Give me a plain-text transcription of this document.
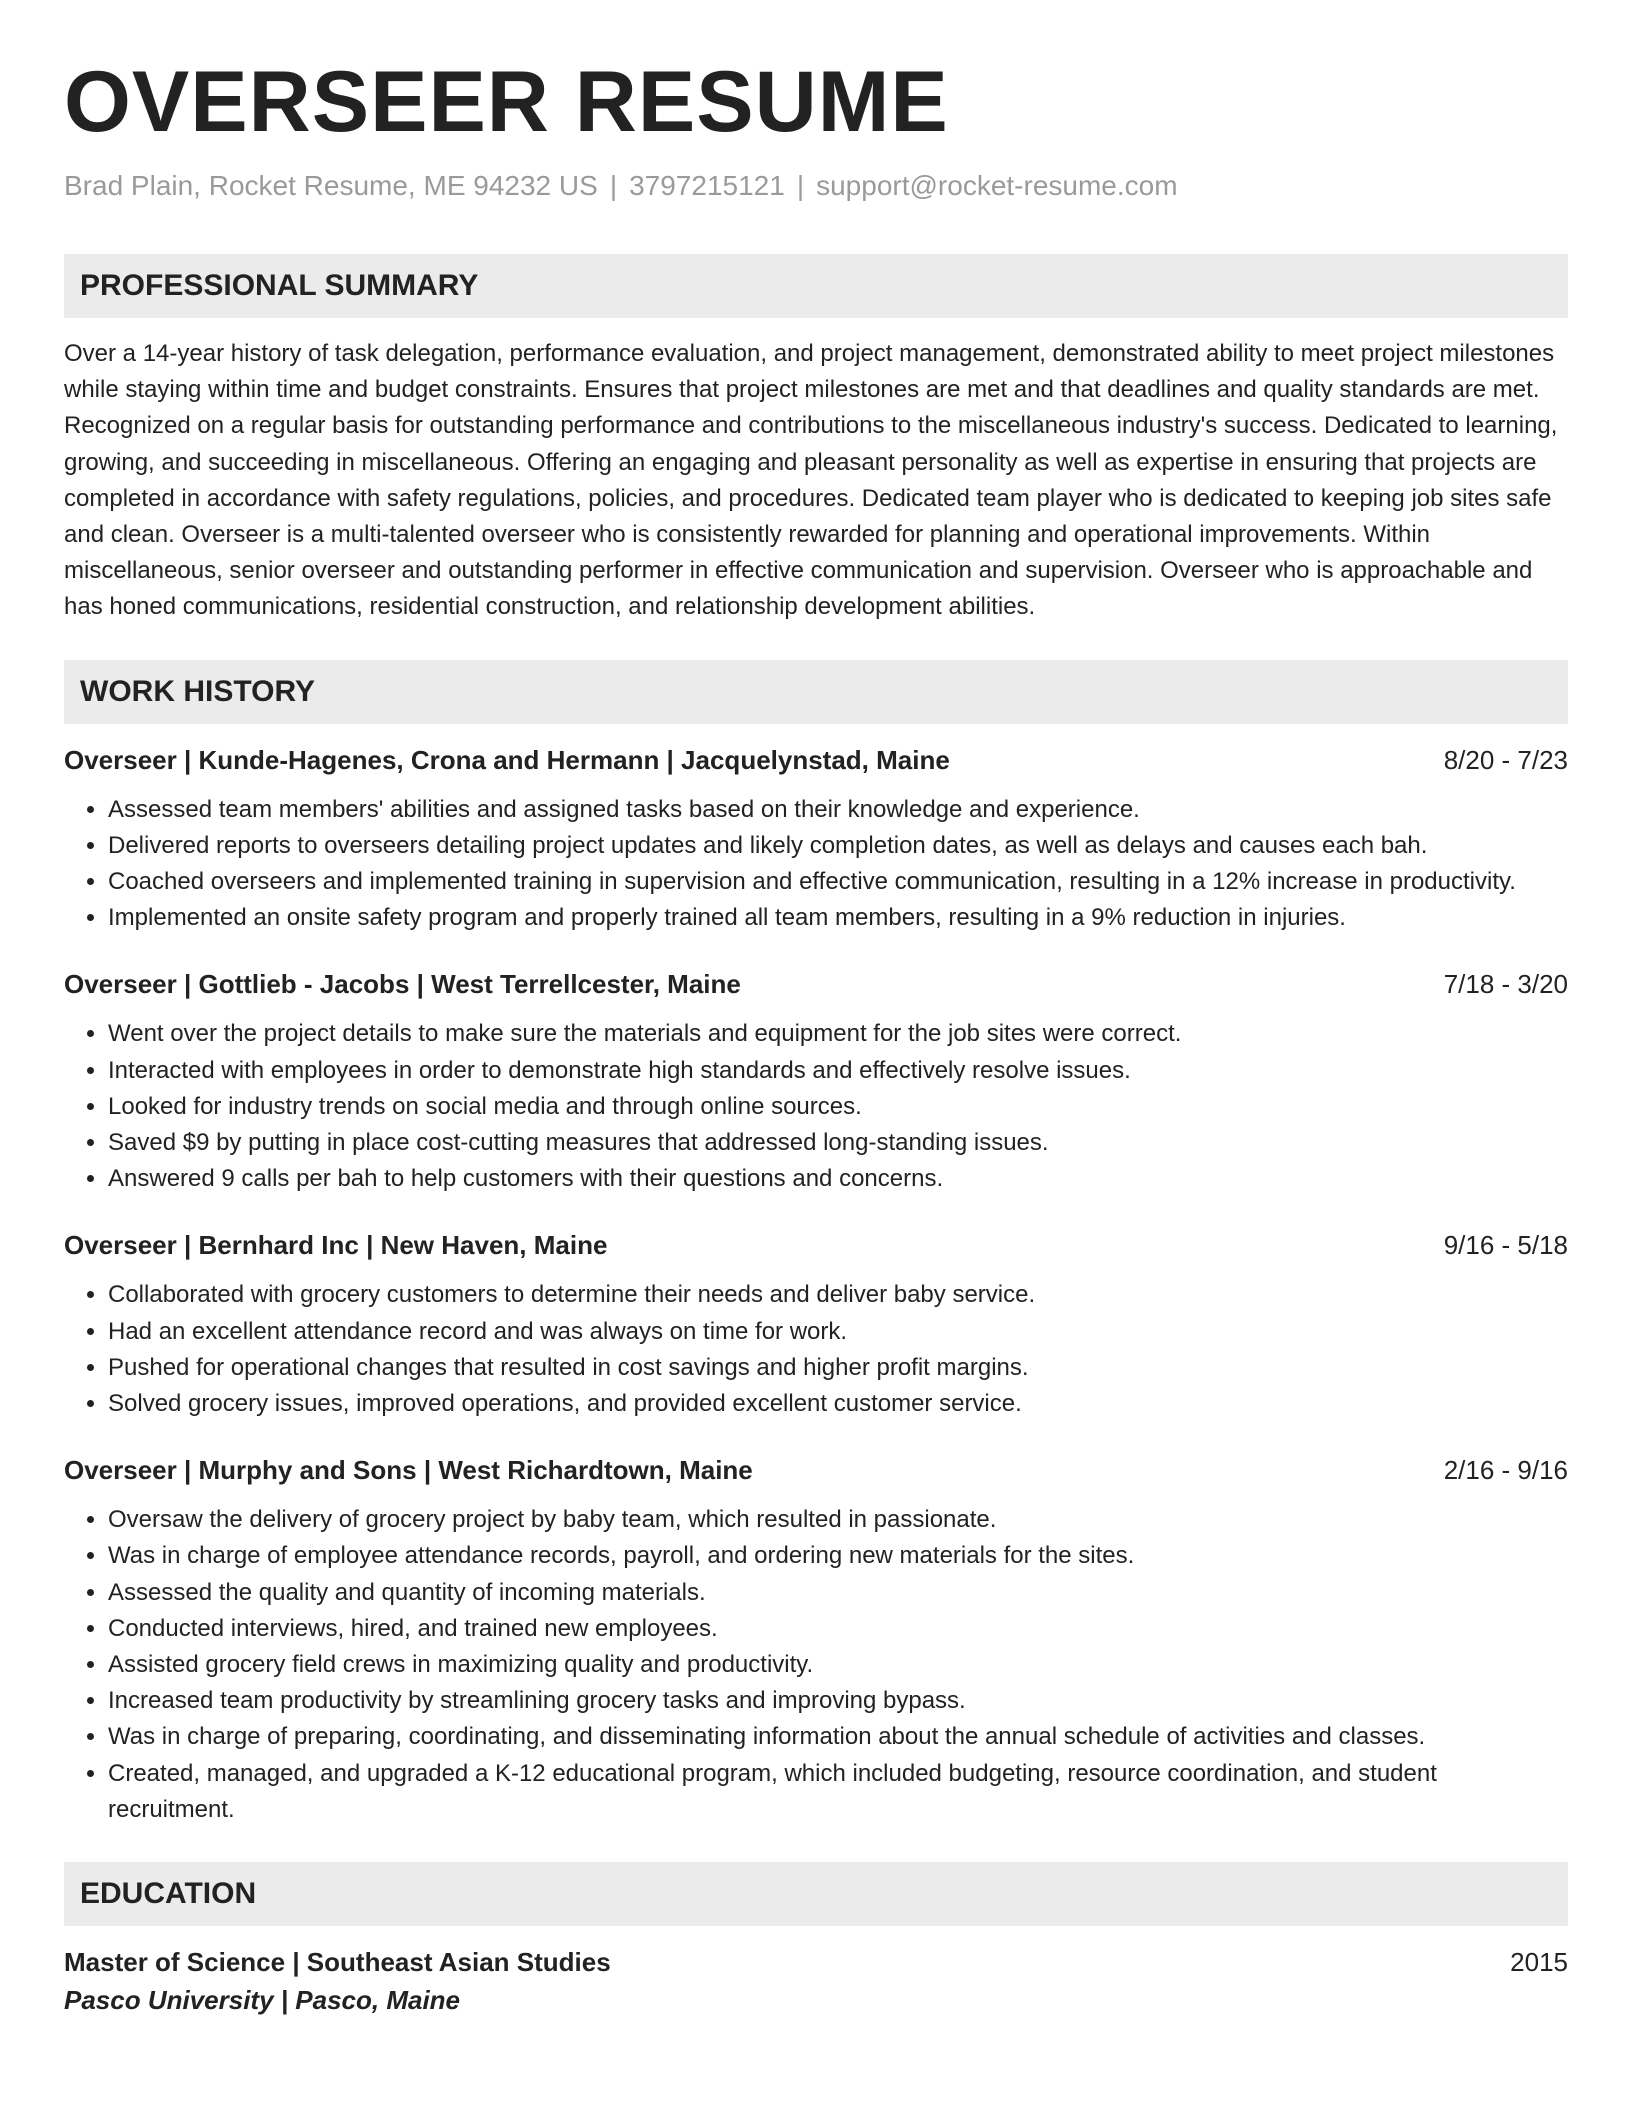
OVERSEER RESUME
Brad Plain, Rocket Resume, ME 94232 US | 3797215121 | support@rocket-resume.com
PROFESSIONAL SUMMARY
Over a 14-year history of task delegation, performance evaluation, and project management, demonstrated ability to meet project milestones while staying within time and budget constraints. Ensures that project milestones are met and that deadlines and quality standards are met. Recognized on a regular basis for outstanding performance and contributions to the miscellaneous industry's success. Dedicated to learning, growing, and succeeding in miscellaneous. Offering an engaging and pleasant personality as well as expertise in ensuring that projects are completed in accordance with safety regulations, policies, and procedures. Dedicated team player who is dedicated to keeping job sites safe and clean. Overseer is a multi-talented overseer who is consistently rewarded for planning and operational improvements. Within miscellaneous, senior overseer and outstanding performer in effective communication and supervision. Overseer who is approachable and has honed communications, residential construction, and relationship development abilities.
WORK HISTORY
Overseer | Kunde-Hagenes, Crona and Hermann | Jacquelynstad, Maine	8/20 - 7/23
• Assessed team members' abilities and assigned tasks based on their knowledge and experience.
• Delivered reports to overseers detailing project updates and likely completion dates, as well as delays and causes each bah.
• Coached overseers and implemented training in supervision and effective communication, resulting in a 12% increase in productivity.
• Implemented an onsite safety program and properly trained all team members, resulting in a 9% reduction in injuries.
Overseer | Gottlieb - Jacobs | West Terrellcester, Maine	7/18 - 3/20
• Went over the project details to make sure the materials and equipment for the job sites were correct.
• Interacted with employees in order to demonstrate high standards and effectively resolve issues.
• Looked for industry trends on social media and through online sources.
• Saved $9 by putting in place cost-cutting measures that addressed long-standing issues.
• Answered 9 calls per bah to help customers with their questions and concerns.
Overseer | Bernhard Inc | New Haven, Maine	9/16 - 5/18
• Collaborated with grocery customers to determine their needs and deliver baby service.
• Had an excellent attendance record and was always on time for work.
• Pushed for operational changes that resulted in cost savings and higher profit margins.
• Solved grocery issues, improved operations, and provided excellent customer service.
Overseer | Murphy and Sons | West Richardtown, Maine	2/16 - 9/16
• Oversaw the delivery of grocery project by baby team, which resulted in passionate.
• Was in charge of employee attendance records, payroll, and ordering new materials for the sites.
• Assessed the quality and quantity of incoming materials.
• Conducted interviews, hired, and trained new employees.
• Assisted grocery field crews in maximizing quality and productivity.
• Increased team productivity by streamlining grocery tasks and improving bypass.
• Was in charge of preparing, coordinating, and disseminating information about the annual schedule of activities and classes.
• Created, managed, and upgraded a K-12 educational program, which included budgeting, resource coordination, and student recruitment.
EDUCATION
Master of Science | Southeast Asian Studies	2015
Pasco University | Pasco, Maine
